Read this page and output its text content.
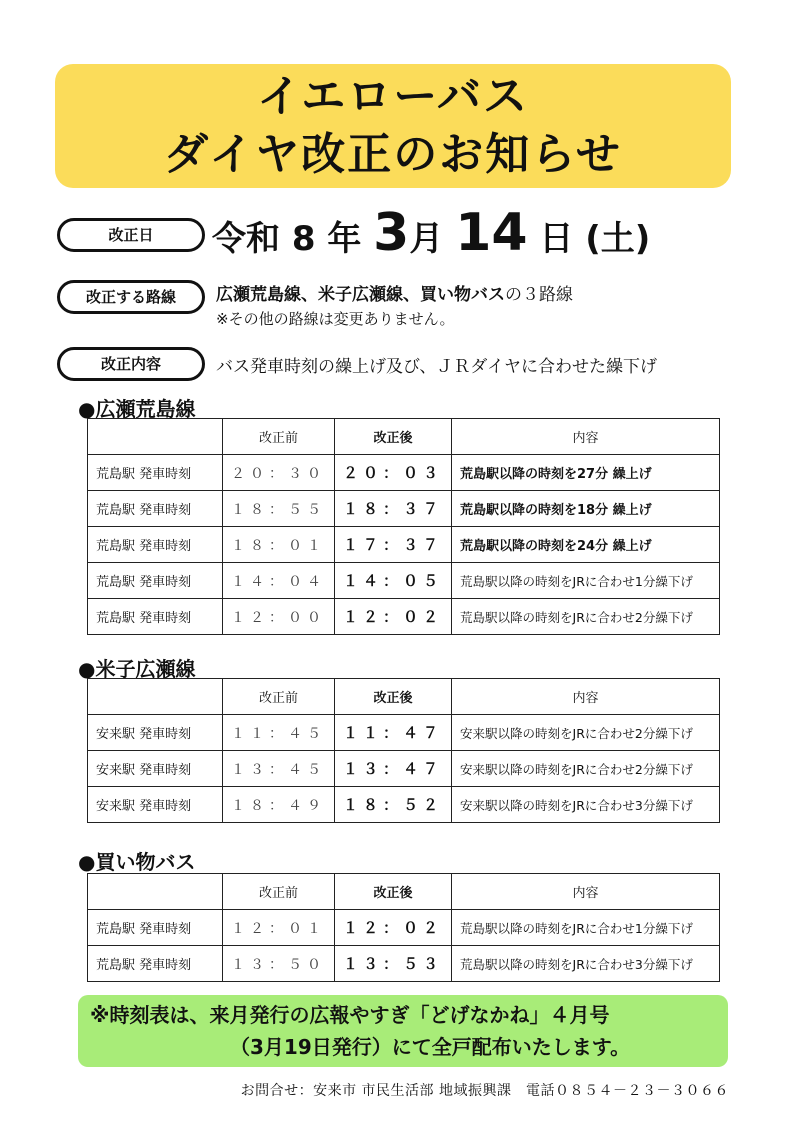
イエローバス
ダイヤ改正のお知らせ
改正日	令和 8 年 3月 14 日 (土)
改正する路線	広瀬荒島線、米子広瀬線、買い物バスの３路線
※その他の路線は変更ありません。
改正内容	バス発車時刻の繰上げ及び、ＪＲダイヤに合わせた繰下げ
●広瀬荒島線
	改正前	改正後	内容
荒島駅 発車時刻	２０：３０	２０：０３	荒島駅以降の時刻を27分 繰上げ
荒島駅 発車時刻	１８：５５	１８：３７	荒島駅以降の時刻を18分 繰上げ
荒島駅 発車時刻	１８：０１	１７：３７	荒島駅以降の時刻を24分 繰上げ
荒島駅 発車時刻	１４：０４	１４：０５	荒島駅以降の時刻をJRに合わせ1分繰下げ
荒島駅 発車時刻	１２：００	１２：０２	荒島駅以降の時刻をJRに合わせ2分繰下げ
●米子広瀬線
	改正前	改正後	内容
安来駅 発車時刻	１１：４５	１１：４７	安来駅以降の時刻をJRに合わせ2分繰下げ
安来駅 発車時刻	１３：４５	１３：４７	安来駅以降の時刻をJRに合わせ2分繰下げ
安来駅 発車時刻	１８：４９	１８：５２	安来駅以降の時刻をJRに合わせ3分繰下げ
●買い物バス
	改正前	改正後	内容
荒島駅 発車時刻	１２：０１	１２：０２	荒島駅以降の時刻をJRに合わせ1分繰下げ
荒島駅 発車時刻	１３：５０	１３：５３	荒島駅以降の時刻をJRに合わせ3分繰下げ
※時刻表は、来月発行の広報やすぎ「どげなかね」４月号
（3月19日発行）にて全戸配布いたします。
お問合せ：安来市 市民生活部 地域振興課　電話０８５４－２３－３０６６
